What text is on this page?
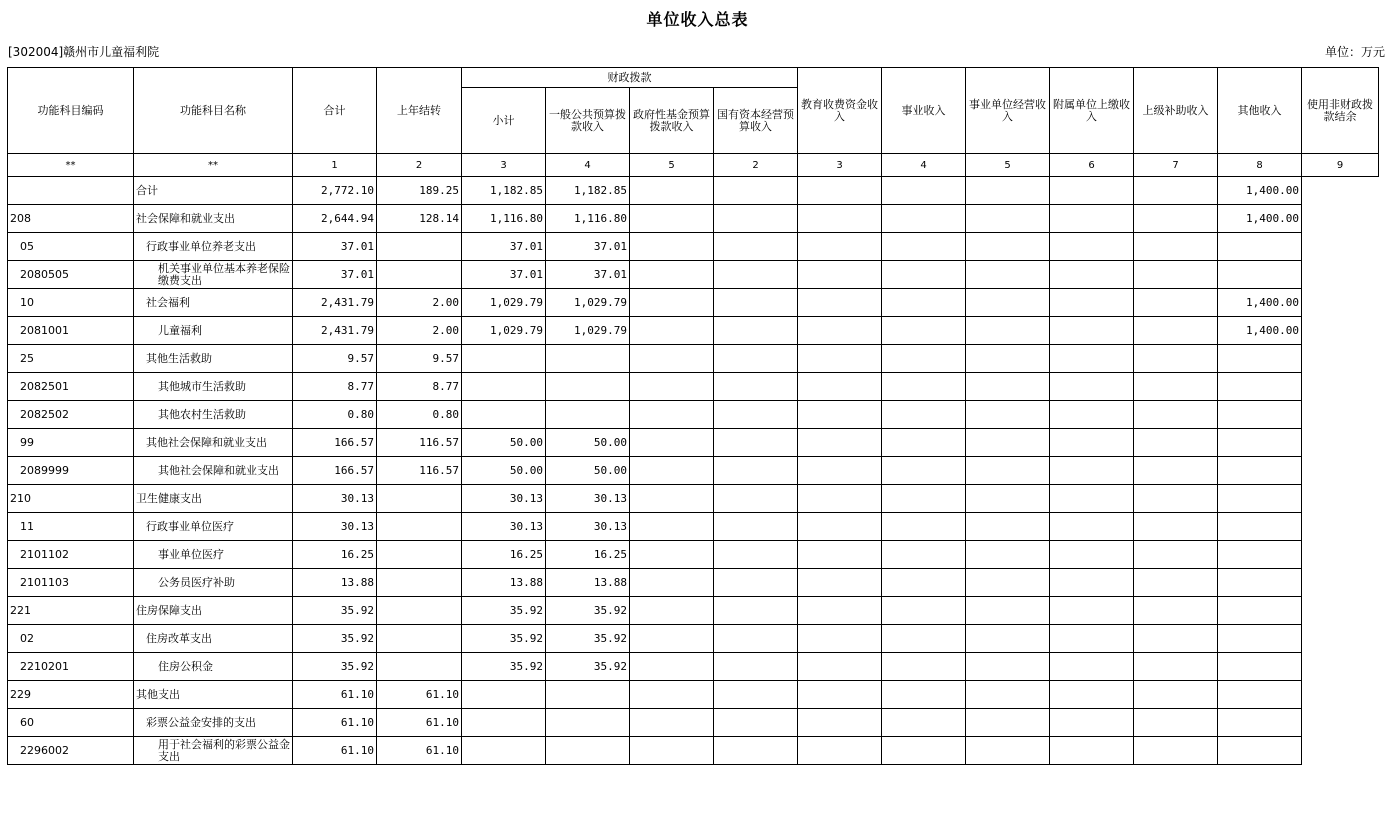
单位收入总表
[302004]赣州市儿童福利院	单位：万元
功能科目编码	功能科目名称	合计	上年结转	财政拨款				教育收费资金收入	事业收入	事业单位经营收入	附属单位上缴收入	上级补助收入	其他收入	使用非财政拨款结余
				小计	一般公共预算拨款收入	政府性基金预算拨款收入	国有资本经营预算收入							
**	**	1	2	3	4	5	2	3	4	5	6	7	8	9
	合计	2,772.10	189.25	1,182.85	1,182.85								1,400.00	
208	社会保障和就业支出	2,644.94	128.14	1,116.80	1,116.80								1,400.00	
05	行政事业单位养老支出	37.01		37.01	37.01									
2080505	机关事业单位基本养老保险缴费支出	37.01		37.01	37.01									
10	社会福利	2,431.79	2.00	1,029.79	1,029.79								1,400.00	
2081001	儿童福利	2,431.79	2.00	1,029.79	1,029.79								1,400.00	
25	其他生活救助	9.57	9.57											
2082501	其他城市生活救助	8.77	8.77											
2082502	其他农村生活救助	0.80	0.80											
99	其他社会保障和就业支出	166.57	116.57	50.00	50.00									
2089999	其他社会保障和就业支出	166.57	116.57	50.00	50.00									
210	卫生健康支出	30.13		30.13	30.13									
11	行政事业单位医疗	30.13		30.13	30.13									
2101102	事业单位医疗	16.25		16.25	16.25									
2101103	公务员医疗补助	13.88		13.88	13.88									
221	住房保障支出	35.92		35.92	35.92									
02	住房改革支出	35.92		35.92	35.92									
2210201	住房公积金	35.92		35.92	35.92									
229	其他支出	61.10	61.10											
60	彩票公益金安排的支出	61.10	61.10											
2296002	用于社会福利的彩票公益金支出	61.10	61.10											
